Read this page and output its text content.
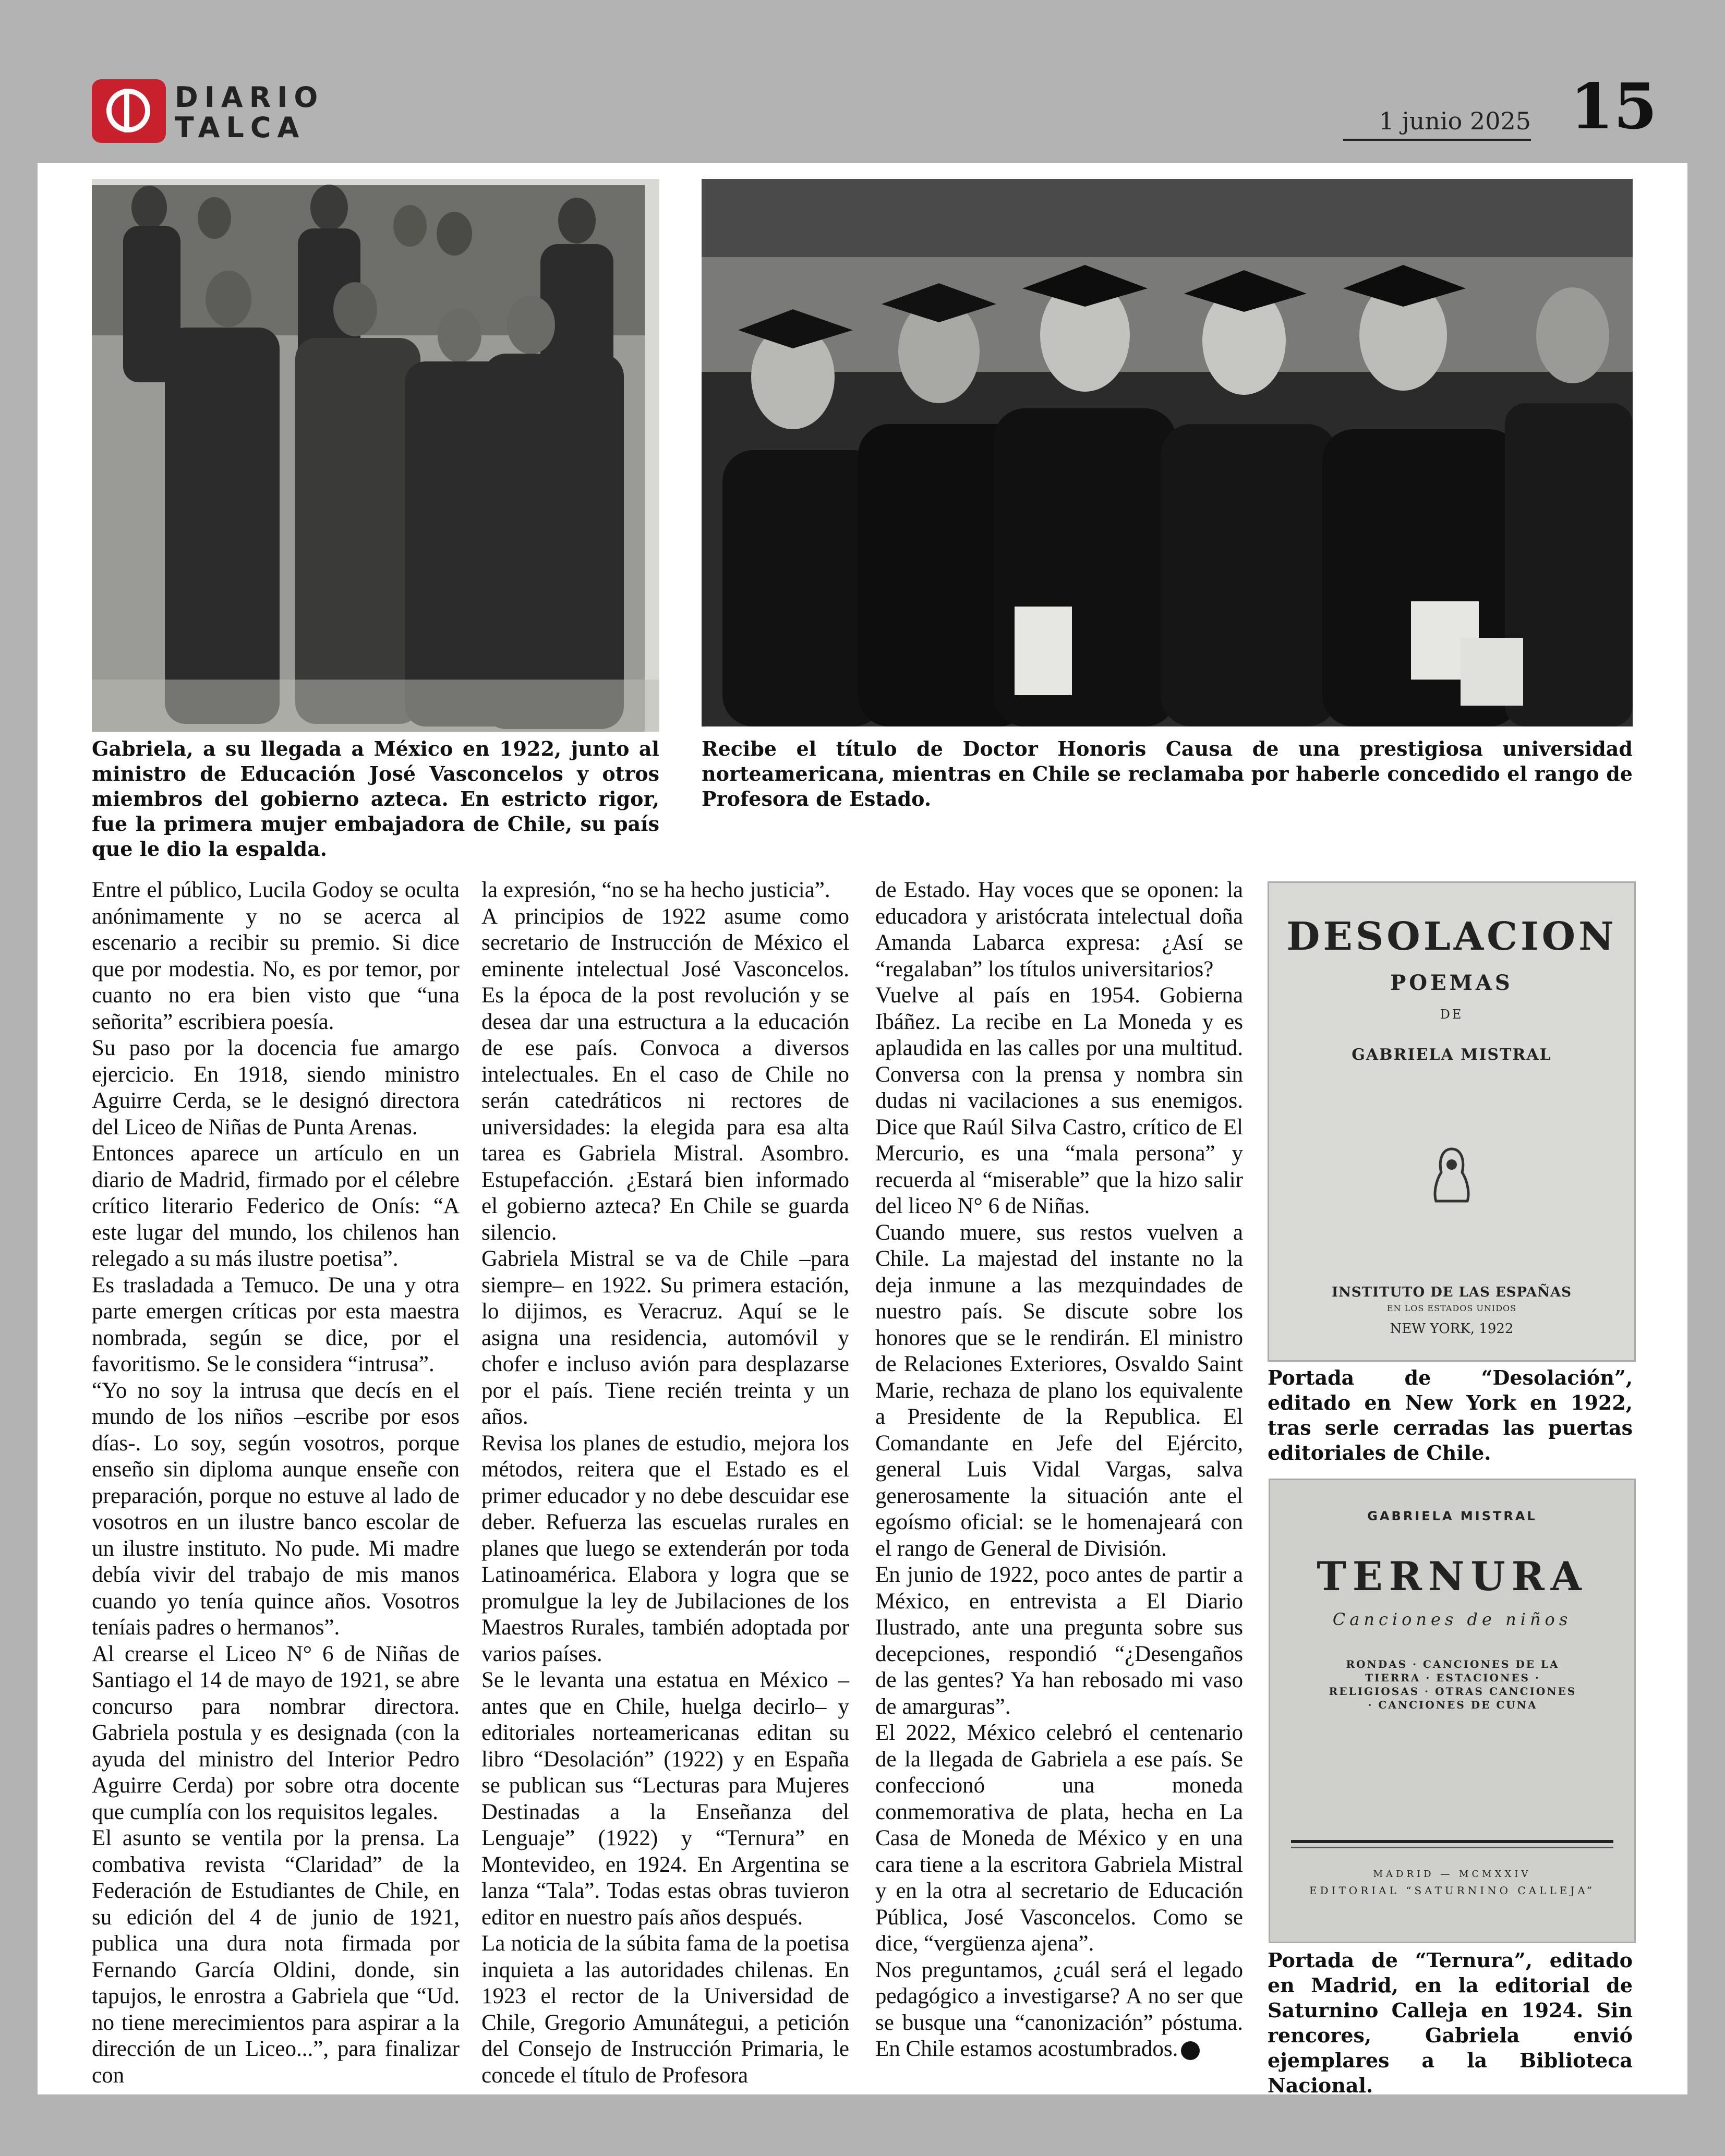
DIARIO
TALCA	1 junio 2025 15
Gabriela, a su llegada a México en 1922, junto al ministro de Educación José Vasconcelos y otros miembros del gobierno azteca. En estricto rigor, fue la primera mujer embajadora de Chile, su país que le dio la espalda.
Recibe el título de Doctor Honoris Causa de una prestigiosa universidad norteamericana, mientras en Chile se reclamaba por haberle concedido el rango de Profesora de Estado.

Entre el público, Lucila Godoy se oculta anónimamente y no se acerca al escenario a recibir su premio. Si dice que por modestia. No, es por temor, por cuanto no era bien visto que “una señorita” escribiera poesía.

Su paso por la docencia fue amargo ejercicio. En 1918, siendo ministro Aguirre Cerda, se le designó directora del Liceo de Niñas de Punta Arenas.

Entonces aparece un artículo en un diario de Madrid, firmado por el célebre crítico literario Federico de Onís: “A este lugar del mundo, los chilenos han relegado a su más ilustre poetisa”.

Es trasladada a Temuco. De una y otra parte emergen críticas por esta maestra nombrada, según se dice, por el favoritismo. Se le considera “intrusa”.

“Yo no soy la intrusa que decís en el mundo de los niños –escribe por esos días-. Lo soy, según vosotros, porque enseño sin diploma aunque enseñe con preparación, porque no estuve al lado de vosotros en un ilustre banco escolar de un ilustre instituto. No pude. Mi madre debía vivir del trabajo de mis manos cuando yo tenía quince años. Vosotros teníais padres o hermanos”.

Al crearse el Liceo N° 6 de Niñas de Santiago el 14 de mayo de 1921, se abre concurso para nombrar directora. Gabriela postula y es designada (con la ayuda del ministro del Interior Pedro Aguirre Cerda) por sobre otra docente que cumplía con los requisitos legales.

El asunto se ventila por la prensa. La combativa revista “Claridad” de la Federación de Estudiantes de Chile, en su edición del 4 de junio de 1921, publica una dura nota firmada por Fernando García Oldini, donde, sin tapujos, le enrostra a Gabriela que “Ud. no tiene merecimientos para aspirar a la dirección de un Liceo...”, para finalizar con

la expresión, “no se ha hecho justicia”.

A principios de 1922 asume como secretario de Instrucción de México el eminente intelectual José Vasconcelos. Es la época de la post revolución y se desea dar una estructura a la educación de ese país. Convoca a diversos intelectuales. En el caso de Chile no serán catedráticos ni rectores de universidades: la elegida para esa alta tarea es Gabriela Mistral. Asombro. Estupefacción. ¿Estará bien informado el gobierno azteca? En Chile se guarda silencio.

Gabriela Mistral se va de Chile –para siempre– en 1922. Su primera estación, lo dijimos, es Veracruz. Aquí se le asigna una residencia, automóvil y chofer e incluso avión para desplazarse por el país. Tiene recién treinta y un años.

Revisa los planes de estudio, mejora los métodos, reitera que el Estado es el primer educador y no debe descuidar ese deber. Refuerza las escuelas rurales en planes que luego se extenderán por toda Latinoamérica. Elabora y logra que se promulgue la ley de Jubilaciones de los Maestros Rurales, también adoptada por varios países.

Se le levanta una estatua en México –antes que en Chile, huelga decirlo– y editoriales norteamericanas editan su libro “Desolación” (1922) y en España se publican sus “Lecturas para Mujeres Destinadas a la Enseñanza del Lenguaje” (1922) y “Ternura” en Montevideo, en 1924. En Argentina se lanza “Tala”. Todas estas obras tuvieron editor en nuestro país años después.

La noticia de la súbita fama de la poetisa inquieta a las autoridades chilenas. En 1923 el rector de la Universidad de Chile, Gregorio Amunátegui, a petición del Consejo de Instrucción Primaria, le concede el título de Profesora

de Estado. Hay voces que se oponen: la educadora y aristócrata intelectual doña Amanda Labarca expresa: ¿Así se “regalaban” los títulos universitarios?

Vuelve al país en 1954. Gobierna Ibáñez. La recibe en La Moneda y es aplaudida en las calles por una multitud. Conversa con la prensa y nombra sin dudas ni vacilaciones a sus enemigos. Dice que Raúl Silva Castro, crítico de El Mercurio, es una “mala persona” y recuerda al “miserable” que la hizo salir del liceo N° 6 de Niñas.

Cuando muere, sus restos vuelven a Chile. La majestad del instante no la deja inmune a las mezquindades de nuestro país. Se discute sobre los honores que se le rendirán. El ministro de Relaciones Exteriores, Osvaldo Saint Marie, rechaza de plano los equivalente a Presidente de la Republica. El Comandante en Jefe del Ejército, general Luis Vidal Vargas, salva generosamente la situación ante el egoísmo oficial: se le homenajeará con el rango de General de División.

En junio de 1922, poco antes de partir a México, en entrevista a El Diario Ilustrado, ante una pregunta sobre sus decepciones, respondió “¿Desengaños de las gentes? Ya han rebosado mi vaso de amarguras”.

El 2022, México celebró el centenario de la llegada de Gabriela a ese país. Se confeccionó una moneda conmemorativa de plata, hecha en La Casa de Moneda de México y en una cara tiene a la escritora Gabriela Mistral y en la otra al secretario de Educación Pública, José Vasconcelos. Como se dice, “vergüenza ajena”.

Nos preguntamos, ¿cuál será el legado pedagógico a investigarse? A no ser que se busque una “canonización” póstuma. En Chile estamos acostumbrados.

DESOLACION
POEMAS
DE
GABRIELA MISTRAL
INSTITUTO DE LAS ESPAÑAS
EN LOS ESTADOS UNIDOS
NEW YORK, 1922
Portada de “Desolación”, editado en New York en 1922, tras serle cerradas las puertas editoriales de Chile.
GABRIELA MISTRAL
TERNURA
Canciones de niños
RONDAS · CANCIONES DE LA TIERRA · ESTACIONES · RELIGIOSAS · OTRAS CANCIONES · CANCIONES DE CUNA
MADRID — MCMXXIV
EDITORIAL “SATURNINO CALLEJA”
Portada de “Ternura”, editado en Madrid, en la editorial de Saturnino Calleja en 1924. Sin rencores, Gabriela envió ejemplares a la Biblioteca Nacional.
